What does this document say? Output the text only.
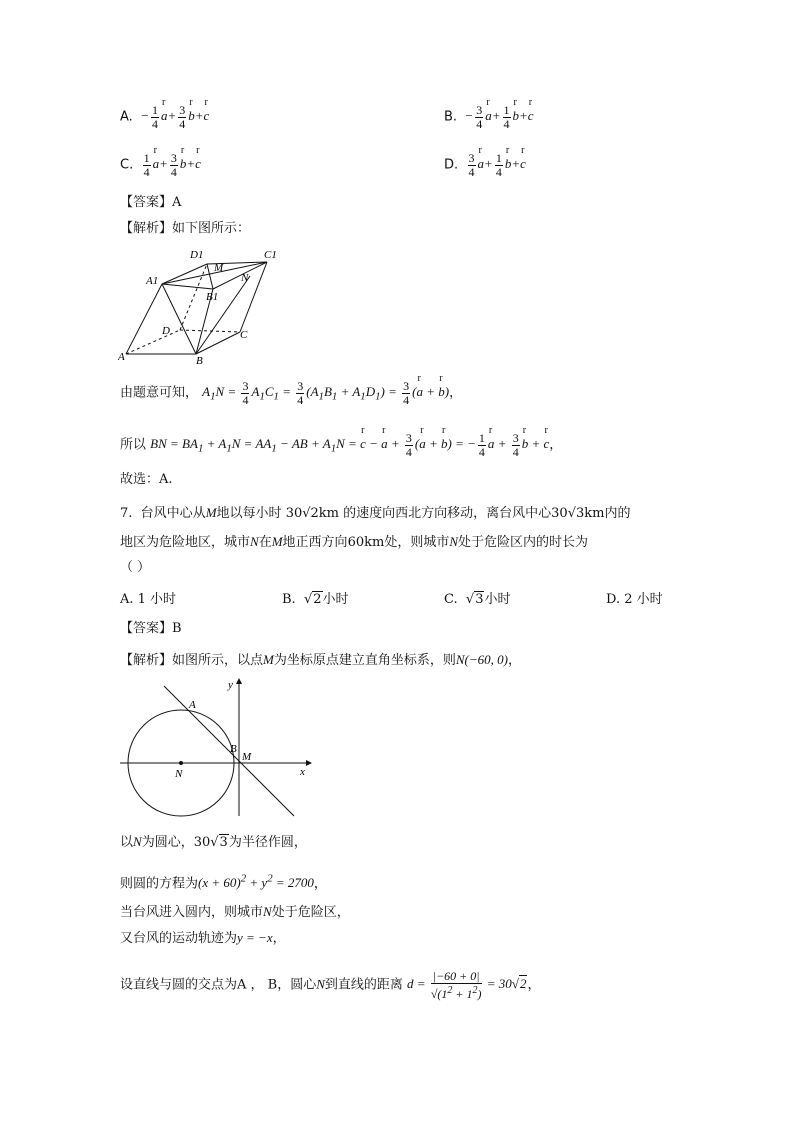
A.  − $\frac{1}{4}$ r $a+ \frac{3}{4}$ r b+r c	B.  − $\frac{3}{4}$ r $a+ \frac{1}{4}$ r b+r c
C. $\frac{1}{4}$ r $a+ \frac{3}{4}$ r b+r c	D. $\frac{3}{4}$ r $a+ \frac{1}{4}$ r b+r c
【答案】A
【解析】如下图所示：
D1
M
C1
A1
B1
N
D	C
A	B
由题意可知， $A_1N = \frac{3}{4} A_1C_1 = \frac{3}{4} (A_1B_1 + A_1D_1) = \frac{3}{4} (r$ a + r b)，
所以 BN = $BA_1 + A_1N = AA_1$ − AB + $A_1N = r$ c − r $a + \frac{3}{4} (r$ a + r b) = − $\frac{1}{4}$ r $a + \frac{3}{4}$ r b + r c，
故选：A.
7. 台风中心从M地以每小时 30√2km 的速度向西北方向移动，离台风中心30√3km内的
地区为危险地区，城市N在M地正西方向60km处，则城市N处于危险区内的时长为
（ ）
A. 1 小时	B.  √2小时	C.  √3小时	D. 2 小时
【答案】B
【解析】如图所示，以点M为坐标原点建立直角坐标系，则N(−60, 0)，
y
A
B
M
N	x
以N为圆心，30√3为半径作圆，
则圆的方程为$(x + 60)^2 + y^2 = 2700$，
当台风进入圆内，则城市N处于危险区，
又台风的运动轨迹为y = −x，
设直线与圆的交点为A ， B，圆心N到直线的距离 $d = \frac{|-60 + 0|}{√(1^2 + 1^2)} = 30√2$，
